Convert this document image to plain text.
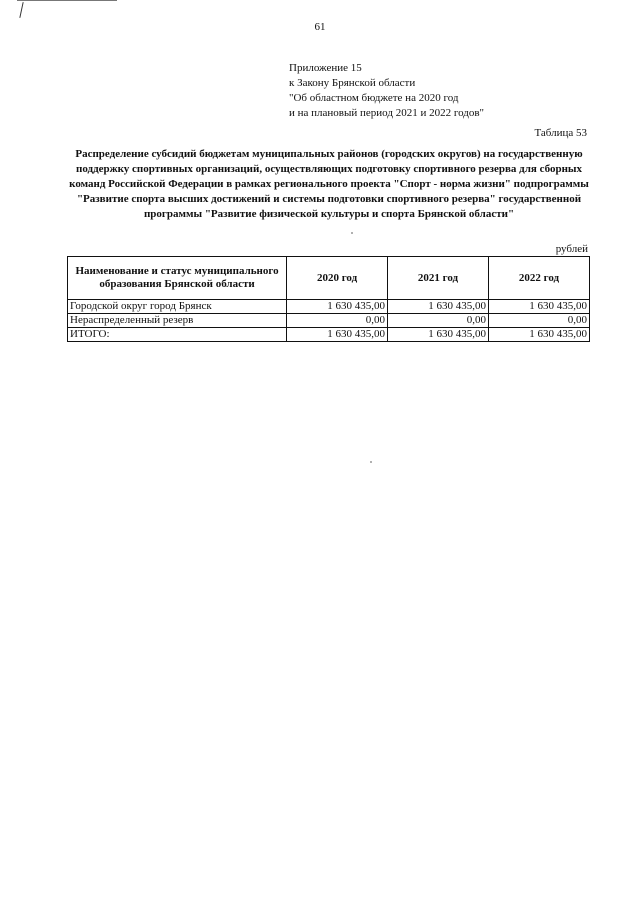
61
Приложение 15
к Закону Брянской области
"Об областном бюджете на 2020 год
и на плановый период 2021 и 2022 годов"
Таблица 53
Распределение субсидий бюджетам муниципальных районов (городских округов) на государственную поддержку спортивных организаций, осуществляющих подготовку спортивного резерва для сборных команд Российской Федерации в рамках регионального проекта "Спорт - норма жизни" подпрограммы "Развитие спорта высших достижений и системы подготовки спортивного резерва" государственной программы "Развитие физической культуры и спорта Брянской области"
рублей
Наименование и статус муниципального образования Брянской области	2020 год	2021 год	2022 год
Городской округ город Брянск	1 630 435,00	1 630 435,00	1 630 435,00
Нераспределенный резерв	0,00	0,00	0,00
ИТОГО:	1 630 435,00	1 630 435,00	1 630 435,00
